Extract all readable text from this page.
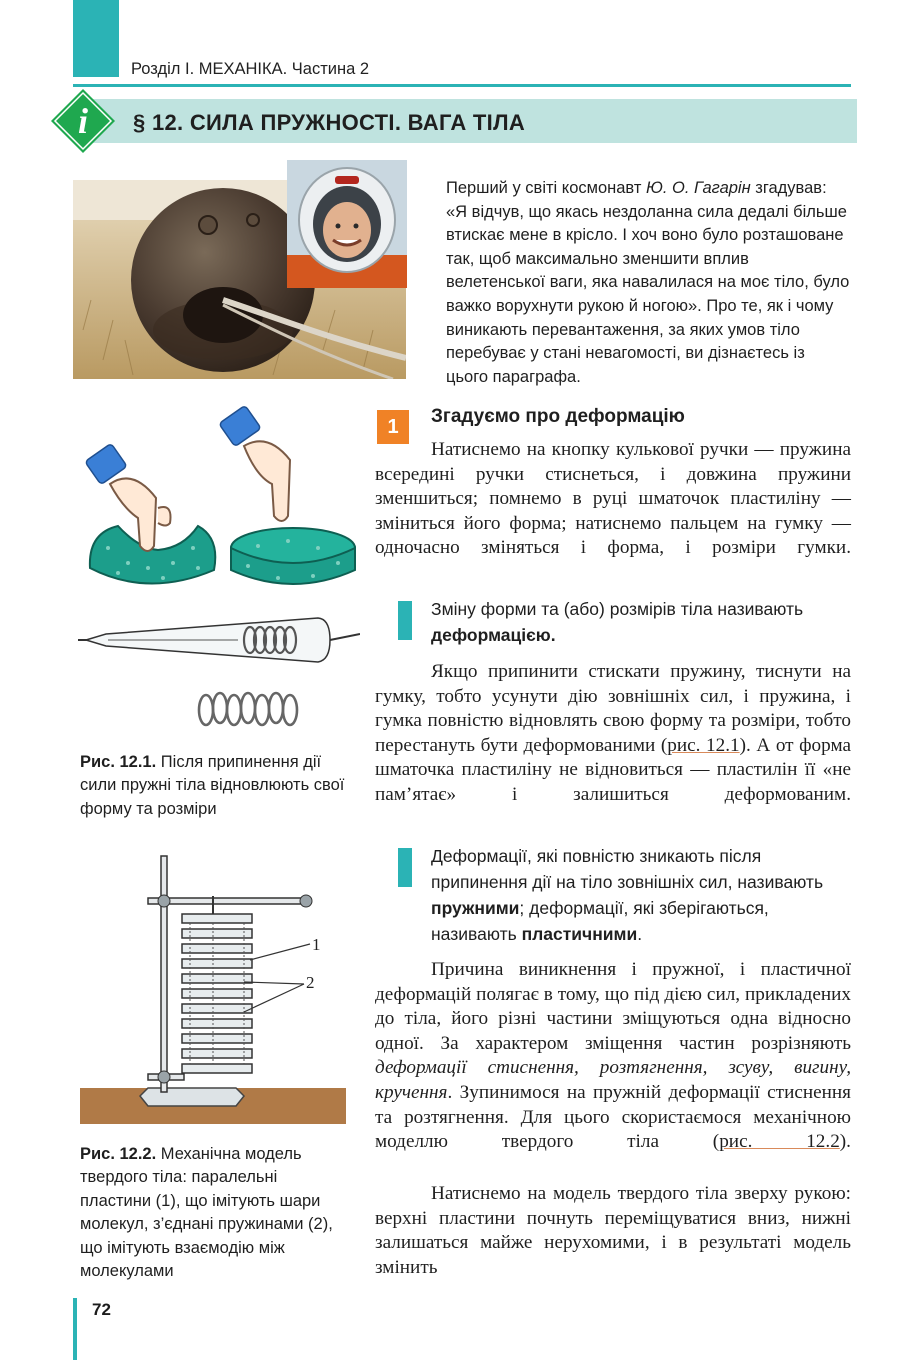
Розділ I. МЕХАНІКА. Частина 2
i § 12. СИЛА ПРУЖНОСТІ. ВАГА ТІЛА
Перший у світі космонавт Ю. О. Гагарін згадував: «Я відчув, що якась нездоланна сила дедалі більше втискає мене в крісло. І хоч воно було розташоване так, щоб максимально зменшити вплив велетенської ваги, яка навалилася на моє тіло, було важко ворухнути рукою й ногою». Про те, як і чому виникають перевантаження, за яких умов тіло перебуває у стані невагомості, ви дізнаєтесь із цього параграфа.
Рис. 12.1. Після припинення дії сили пружні тіла відновлюють свої форму та розміри
1
2
Рис. 12.2. Механічна модель твердого тіла: паралельні пластини (1), що імітують шари молекул, з’єднані пружинами (2), що імітують взаємодію між молекулами
1	Згадуємо про деформацію
Натиснемо на кнопку кулькової ручки — пружина всередині ручки стиснеться, і довжина пружини зменшиться; помнемо в руці шматочок пластиліну — зміниться його форма; натиснемо пальцем на гумку — одночасно зміняться і форма, і розміри гумки.
Зміну форми та (або) розмірів тіла називають
деформацією.
Якщо припинити стискати пружину, тиснути на гумку, тобто усунути дію зовнішніх сил, і пружина, і гумка повністю відновлять свою форму та розміри, тобто перестануть бути деформованими (рис. 12.1). А от форма шматочка пластиліну не відновиться — пластилін її «не пам’ятає» і залишиться деформованим.
Деформації, які повністю зникають після припинення дії на тіло зовнішніх сил, називають пружними; деформації, які зберігаються, називають пластичними.
Причина виникнення і пружної, і пластичної деформацій полягає в тому, що під дією сил, прикладених до тіла, його різні частини зміщуються одна відносно одної. За характером зміщення частин розрізняють деформації стиснення, розтягнення, зсуву, вигину, кручення. Зупинимося на пружній деформації стиснення та розтягнення. Для цього скористаємося механічною моделлю твердого тіла (рис. 12.2).
Натиснемо на модель твердого тіла зверху рукою: верхні пластини почнуть переміщуватися вниз, нижні залишаться майже нерухомими, і в результаті модель змінить
72
